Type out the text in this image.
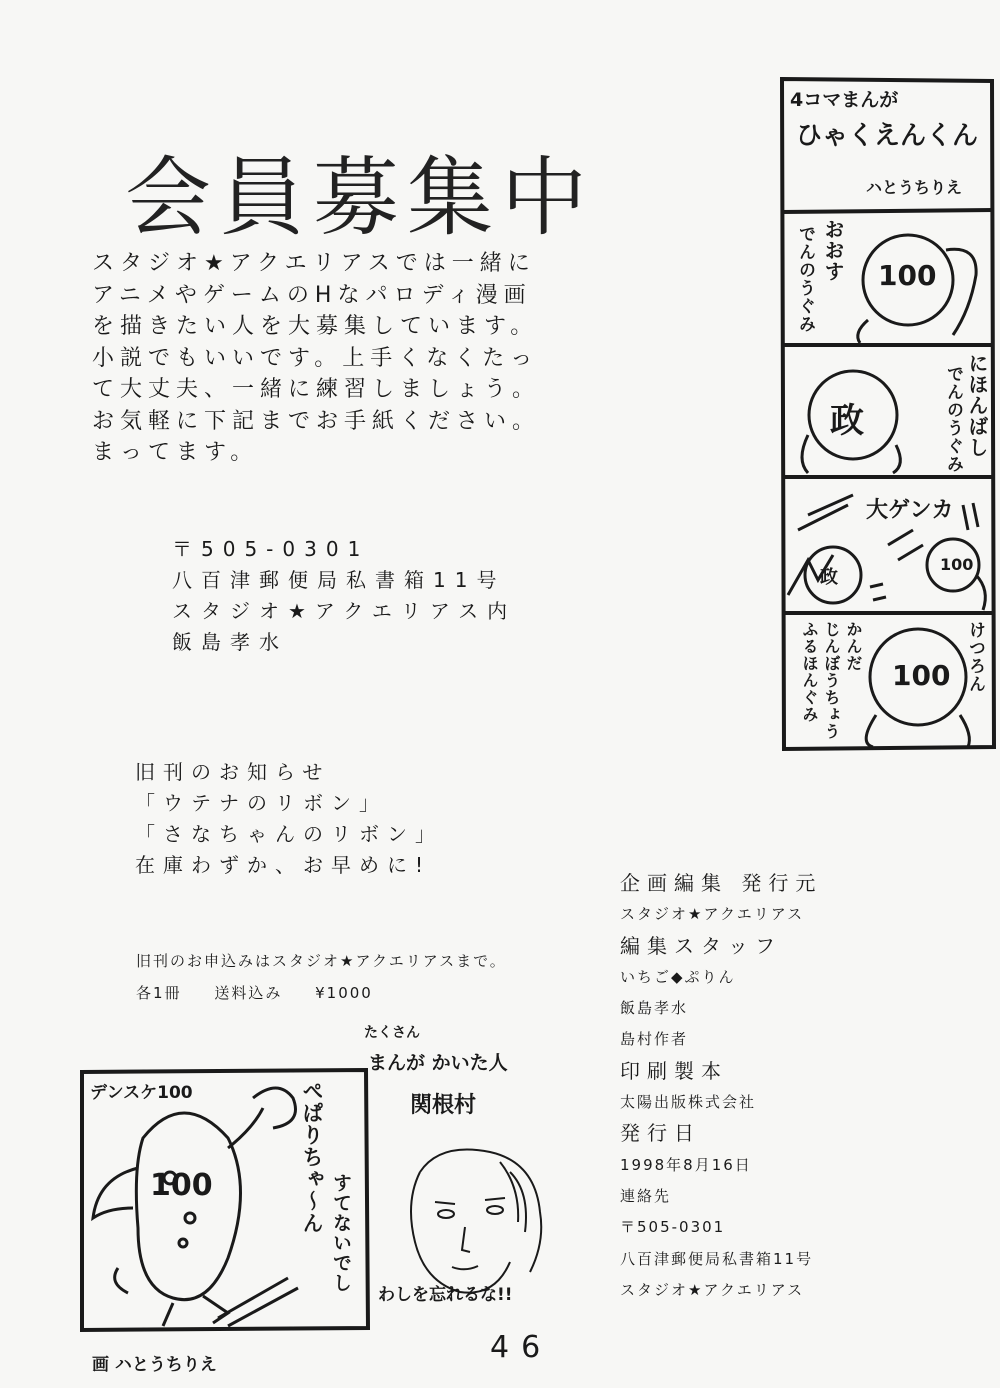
会員募集中
スタジオ★アクエリアスでは一緒に
アニメやゲームのHなパロディ漫画
を描きたい人を大募集しています。
小説でもいいです。上手くなくたっ
て大丈夫、一緒に練習しましょう。
お気軽に下記までお手紙ください。
まってます。
〒505-0301
八百津郵便局私書箱11号
スタジオ★アクエリアス内
飯島孝水
旧刊のお知らせ
「ウテナのリボン」
「さなちゃんのリボン」
在庫わずか、お早めに!
旧刊のお申込みはスタジオ★アクエリアスまで。
各1冊 送料込み ¥1000
企画編集 発行元
スタジオ★アクエリアス
編集スタッフ
いちご◆ぷりん
飯島孝水
島村作者
印刷製本
太陽出版株式会社
発行日
1998年8月16日
連絡先
〒505-0301
八百津郵便局私書箱11号
スタジオ★アクエリアス
4コマまんが
ひゃくえんくん
ハとうちりえ
おおす
でんのうぐみ 100
にほんばし
でんのうぐみ
政
大ゲンカ
政
100
けつろん
かんだ
じんぼうちょう
ふるほんぐみ	100
デンスケ100	ぺぱりちゃ〜ん すてないでし
100
画 ハとうちりえ
たくさん
まんが かいた人
関根村
わしを忘れるな!!
46
